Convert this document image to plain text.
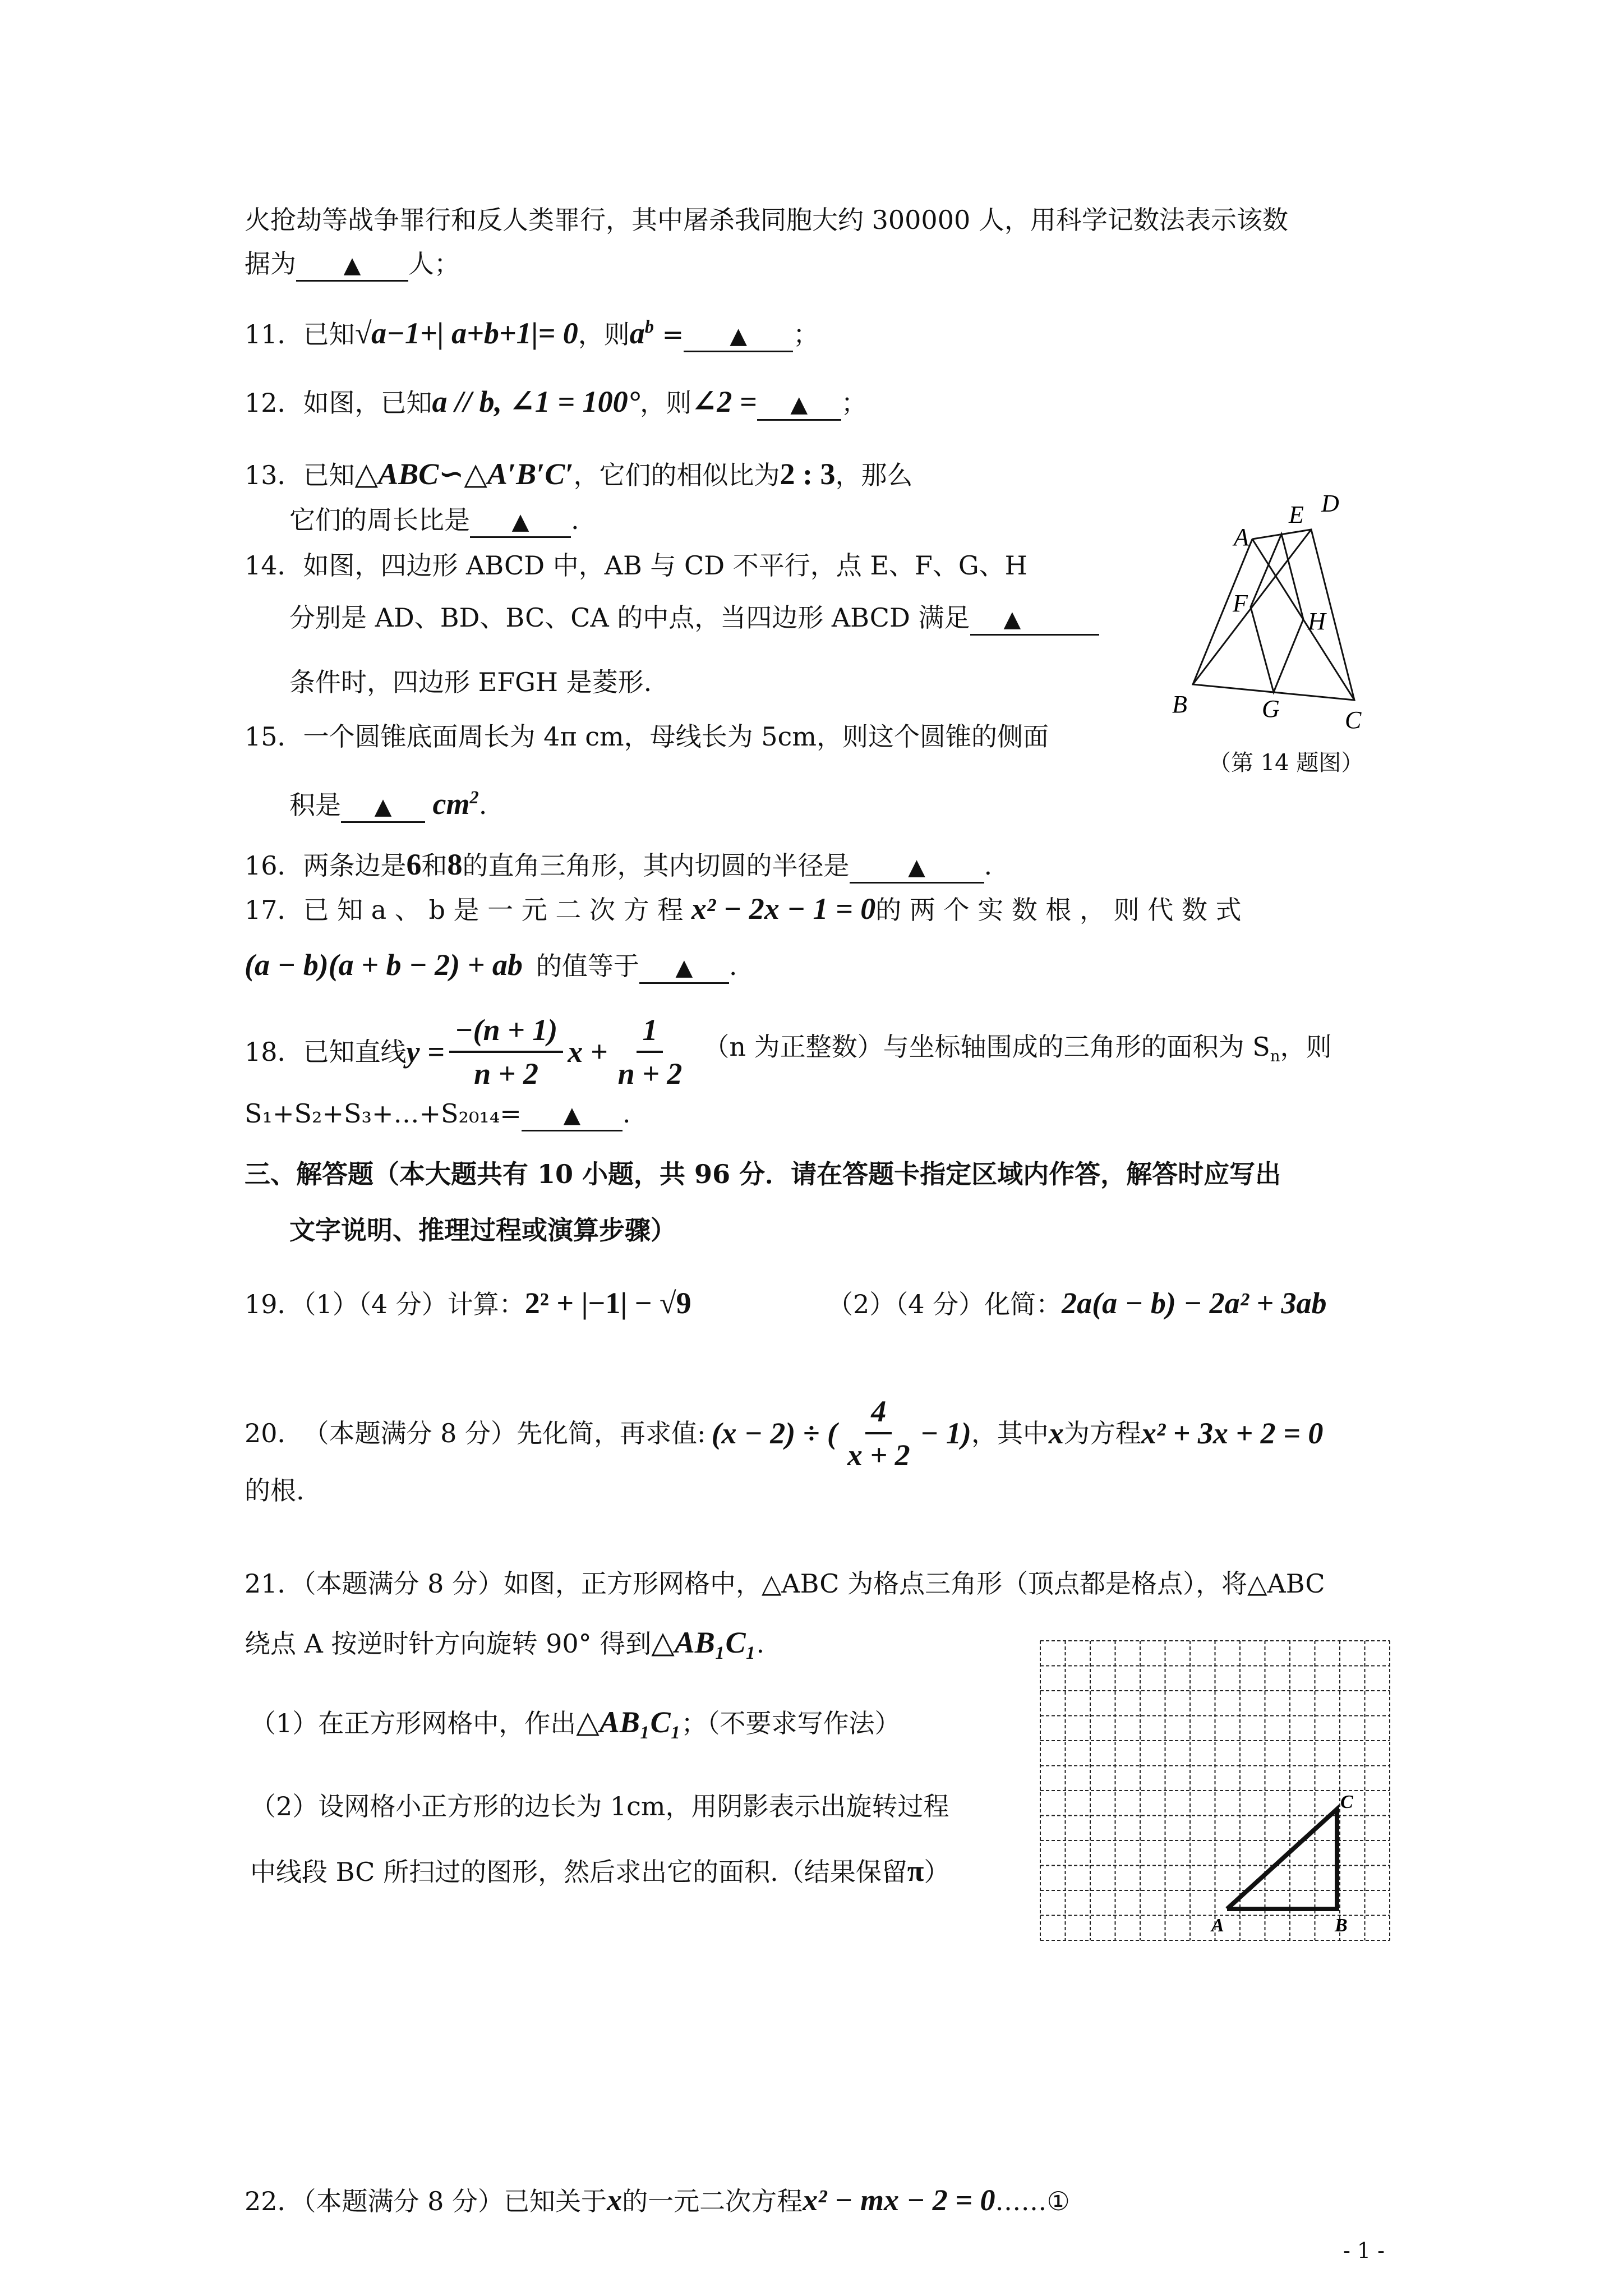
火抢劫等战争罪行和反人类罪行，其中屠杀我同胞大约 300000 人，用科学记数法表示该数
据为 ▲ 人；
11．已知√a−1+| a+b+1|= 0，则$a^b$ = ▲ ；
12．如图，已知a // b, ∠1 = 100°，则∠2 = ▲ ；
13．已知△ABC∽△A′B′C′，它们的相似比为2 : 3，那么
它们的周长比是 ▲ .
14．如图，四边形 ABCD 中，AB 与 CD 不平行，点 E、F、G、H
分别是 AD、BD、BC、CA 的中点，当四边形 ABCD 满足 ▲
条件时，四边形 EFGH 是菱形.
A
E D
F
H
B	G	C
（第 14 题图）
15．一个圆锥底面周长为 4π cm，母线长为 5cm，则这个圆锥的侧面
积是 ▲ $cm^2$.
16．两条边是6和8的直角三角形，其内切圆的半径是	▲ .
17．已 知 a 、 b 是 一 元 二 次 方 程 x² − 2x − 1 = 0的 两 个 实 数 根 ， 则 代 数 式
(a − b)(a + b − 2) + ab 的值等于 ▲ .
18． 已知直线 $y = \frac{-(n + 1)}{n + 2}$ $x + \frac{1}{n + 2} (n$ 为正整数）与坐标轴围成的三角形的面积为 $S_n$，则
S₁+S₂+S₃+…+S₂₀₁₄= ▲ .
三、解答题（本大题共有 10 小题，共 96 分．请在答题卡指定区域内作答，解答时应写出
文字说明、推理过程或演算步骤）
19．（1）（4 分）计算：2² + |−1| − √9	（2）（4 分）化简：2a(a − b) − 2a² + 3ab
20． （本题满分 8 分）先化简，再求值: (x − 2) ÷ ( $\frac{4}{x + 2} - 1$) ，其中 x 为方程 x² + 3x + 2 = 0
的根.
21．（本题满分 8 分）如图，正方形网格中，△ABC 为格点三角形（顶点都是格点），将△ABC
绕点 A 按逆时针方向旋转 90° 得到△AB₁C₁.
（1）在正方形网格中，作出△AB₁C₁；（不要求写作法）
（2）设网格小正方形的边长为 1cm，用阴影表示出旋转过程
中线段 BC 所扫过的图形，然后求出它的面积.（结果保留π）
A	B
C
22．（本题满分 8 分）已知关于x的一元二次方程x² − mx − 2 = 0……①
- 1 -
